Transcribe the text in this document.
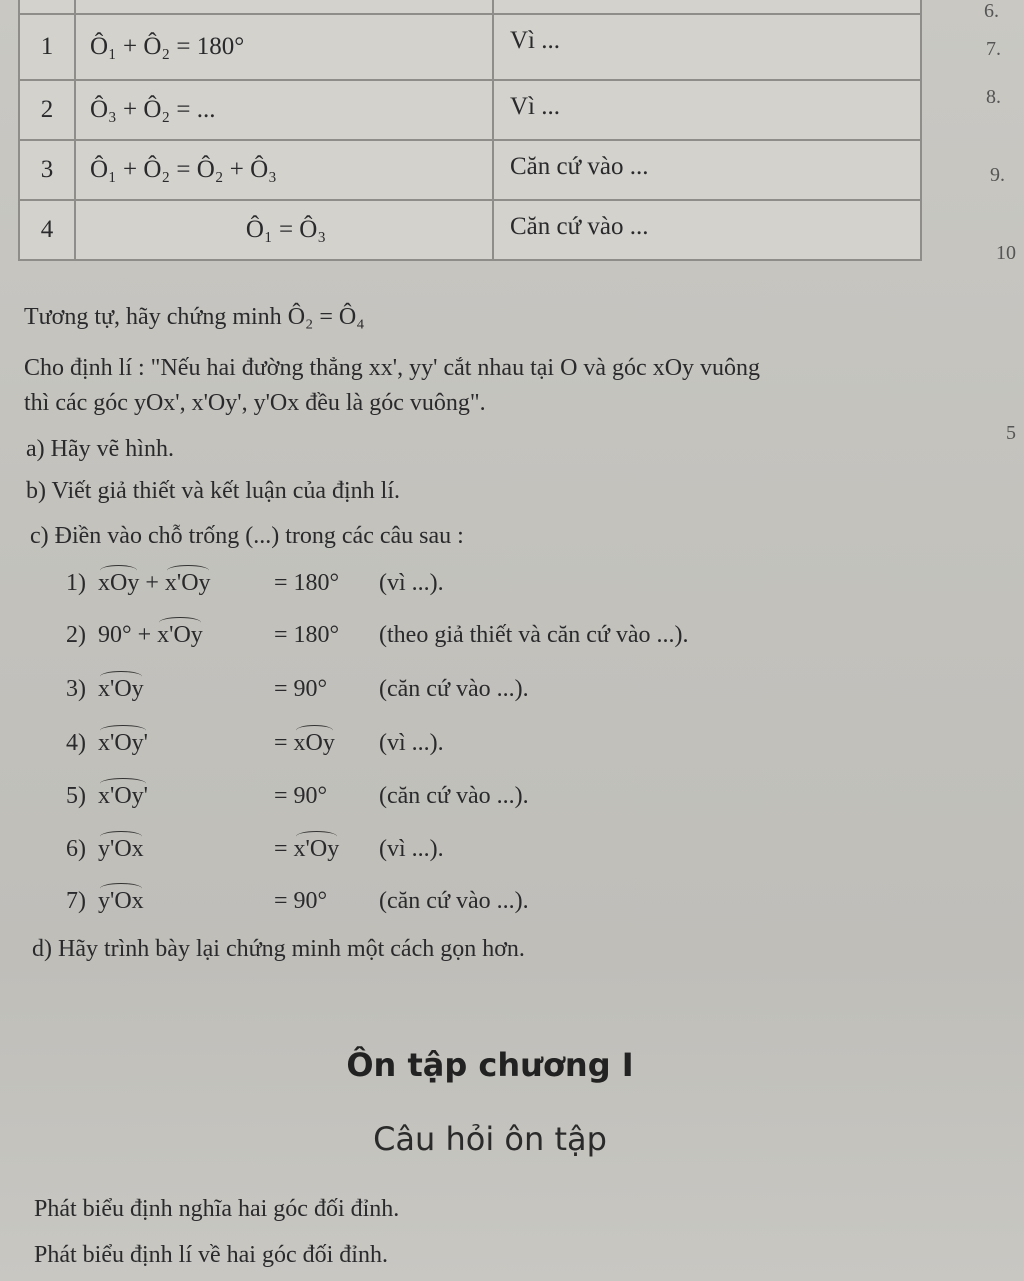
1	Ô₁ + Ô₂ = 180°	Vì ...
2	Ô₃ + Ô₂ = ...	Vì ...
3	Ô₁ + Ô₂ = Ô₂ + Ô₃	Căn cứ vào ...
4	Ô₁ = Ô₃	Căn cứ vào ...
6.
7.
8.
9.
10
5
Tương tự, hãy chứng minh Ô₂ = Ô₄
Cho định lí : "Nếu hai đường thẳng xx', yy' cắt nhau tại O và góc xOy vuông
thì các góc yOx', x'Oy', y'Ox đều là góc vuông".
a) Hãy vẽ hình.
b) Viết giả thiết và kết luận của định lí.
c) Điền vào chỗ trống (...) trong các câu sau :
1) xOy + x'Oy	= 180° (vì ...).
2) 90° + x'Oy	= 180° (theo giả thiết và căn cứ vào ...).
3) x'Oy	= 90° (căn cứ vào ...).
4) x'Oy'	= xOy (vì ...).
5) x'Oy'	= 90° (căn cứ vào ...).
6) y'Ox	= x'Oy (vì ...).
7) y'Ox	= 90° (căn cứ vào ...).
d) Hãy trình bày lại chứng minh một cách gọn hơn.
Ôn tập chương I
Câu hỏi ôn tập
Phát biểu định nghĩa hai góc đối đỉnh.
Phát biểu định lí về hai góc đối đỉnh.
